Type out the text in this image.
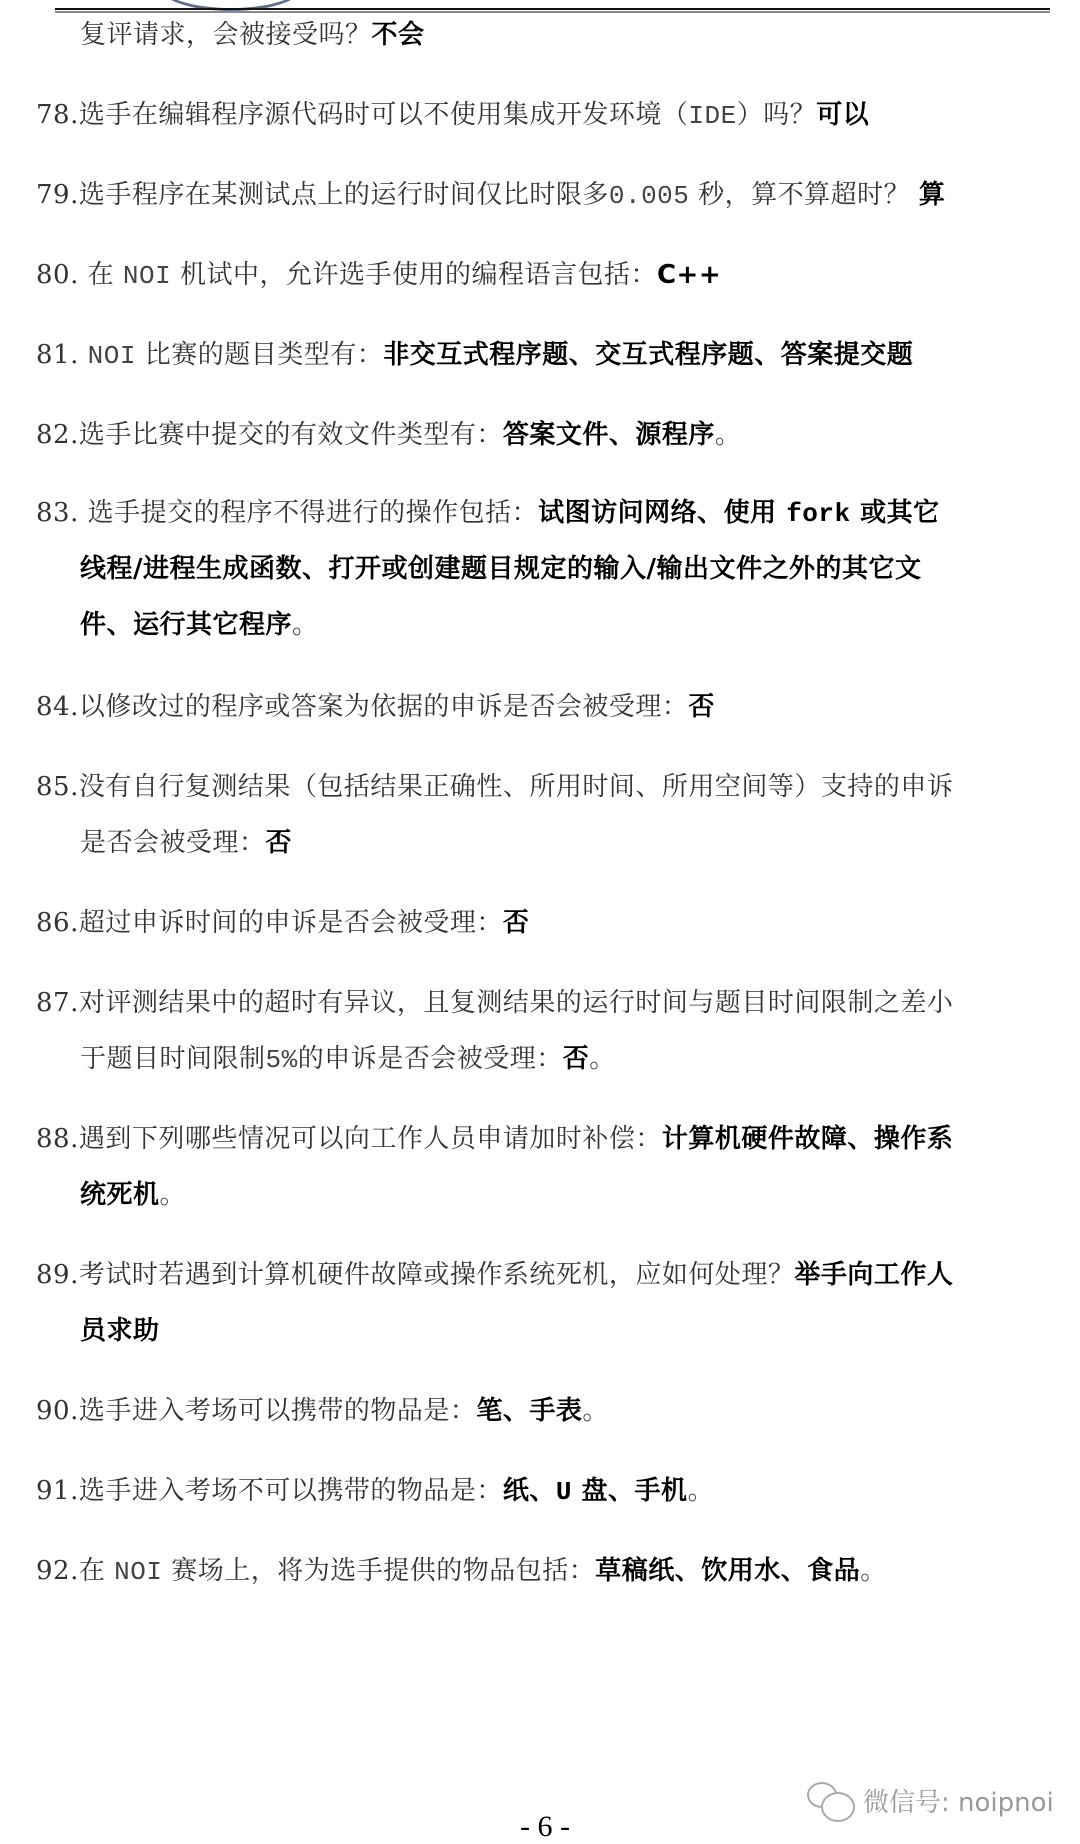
复评请求，会被接受吗？不会
78.选手在编辑程序源代码时可以不使用集成开发环境（IDE）吗？可以
79.选手程序在某测试点上的运行时间仅比时限多0.005 秒，算不算超时？ 算
80. 在 NOI 机试中，允许选手使用的编程语言包括：C++
81. NOI 比赛的题目类型有：非交互式程序题、交互式程序题、答案提交题
82.选手比赛中提交的有效文件类型有：答案文件、源程序。
83. 选手提交的程序不得进行的操作包括：试图访问网络、使用 fork 或其它
线程/进程生成函数、打开或创建题目规定的输入/输出文件之外的其它文
件、运行其它程序。
84.以修改过的程序或答案为依据的申诉是否会被受理：否
85.没有自行复测结果（包括结果正确性、所用时间、所用空间等）支持的申诉
是否会被受理：否
86.超过申诉时间的申诉是否会被受理：否
87.对评测结果中的超时有异议，且复测结果的运行时间与题目时间限制之差小
于题目时间限制5%的申诉是否会被受理：否。
88.遇到下列哪些情况可以向工作人员申请加时补偿：计算机硬件故障、操作系
统死机。
89.考试时若遇到计算机硬件故障或操作系统死机，应如何处理？举手向工作人
员求助
90.选手进入考场可以携带的物品是：笔、手表。
91.选手进入考场不可以携带的物品是：纸、U 盘、手机。
92.在 NOI 赛场上，将为选手提供的物品包括：草稿纸、饮用水、食品。
微信号: noipnoi
- 6 -
